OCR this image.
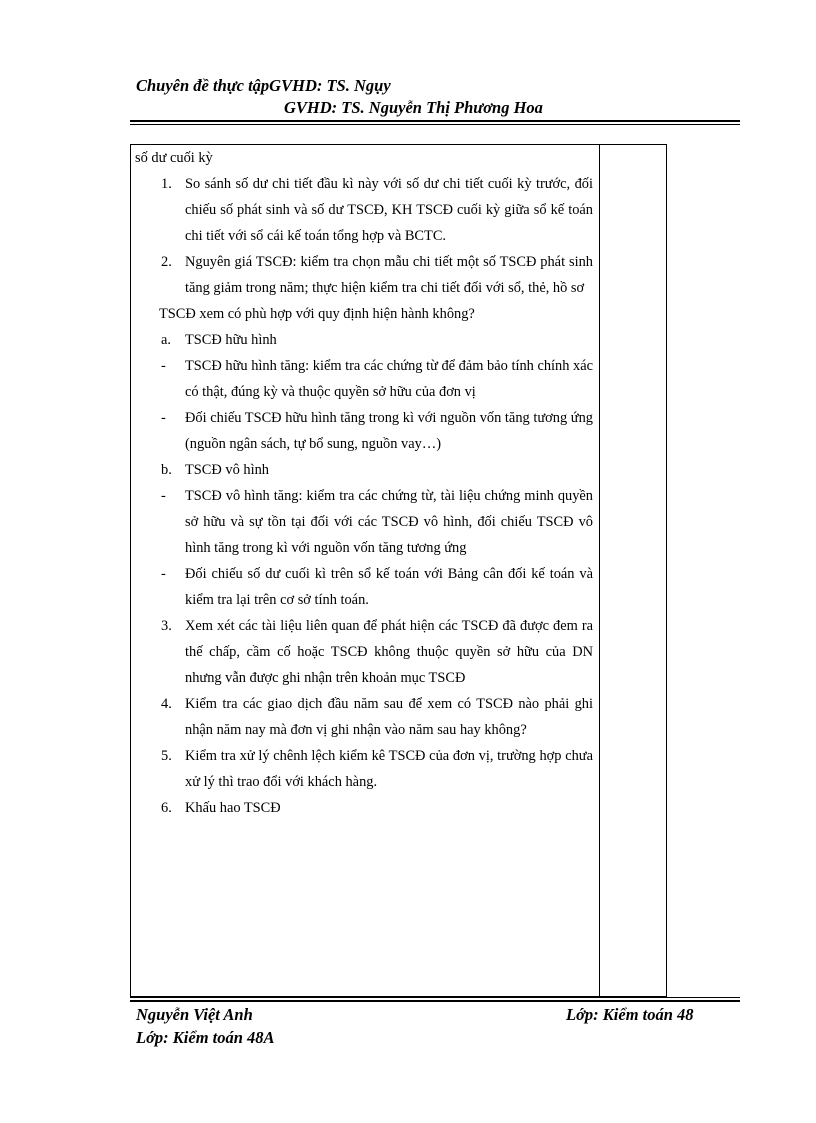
Chuyên đề thực tậpGVHD: TS. Ngụy
GVHD: TS. Nguyễn Thị Phương Hoa
số dư cuối kỳ
1. So sánh số dư chi tiết đầu kì này với số dư chi tiết cuối kỳ trước, đối chiếu số phát sinh và số dư TSCĐ, KH TSCĐ cuối kỳ giữa sổ kế toán chi tiết với sổ cái kế toán tổng hợp và BCTC.
2. Nguyên giá TSCĐ: kiểm tra chọn mẫu chi tiết một số TSCĐ phát sinh tăng giảm trong năm; thực hiện kiểm tra chi tiết đối với sổ, thẻ, hồ sơ
TSCĐ xem có phù hợp với quy định hiện hành không?
a. TSCĐ hữu hình
- TSCĐ hữu hình tăng: kiểm tra các chứng từ để đảm bảo tính chính xác có thật, đúng kỳ và thuộc quyền sở hữu của đơn vị
- Đối chiếu TSCĐ hữu hình tăng trong kì với nguồn vốn tăng tương ứng (nguồn ngân sách, tự bổ sung, nguồn vay…)
b. TSCĐ vô hình
- TSCĐ vô hình tăng: kiểm tra các chứng từ, tài liệu chứng minh quyền sở hữu và sự tồn tại đối với các TSCĐ vô hình, đối chiếu TSCĐ vô hình tăng trong kì với nguồn vốn tăng tương ứng
- Đối chiếu số dư cuối kì trên sổ kế toán với Bảng cân đối kế toán và kiểm tra lại trên cơ sở tính toán.
3. Xem xét các tài liệu liên quan để phát hiện các TSCĐ đã được đem ra thế chấp, cầm cố hoặc TSCĐ không thuộc quyền sở hữu của DN nhưng vẫn được ghi nhận trên khoản mục TSCĐ
4. Kiểm tra các giao dịch đầu năm sau để xem có TSCĐ nào phải ghi nhận năm nay mà đơn vị ghi nhận vào năm sau hay không?
5. Kiểm tra xử lý chênh lệch kiểm kê TSCĐ của đơn vị, trường hợp chưa xử lý thì trao đổi với khách hàng.
6. Khấu hao TSCĐ
Nguyễn Việt Anh
Lớp: Kiểm toán 48A
Lớp: Kiểm toán 48
